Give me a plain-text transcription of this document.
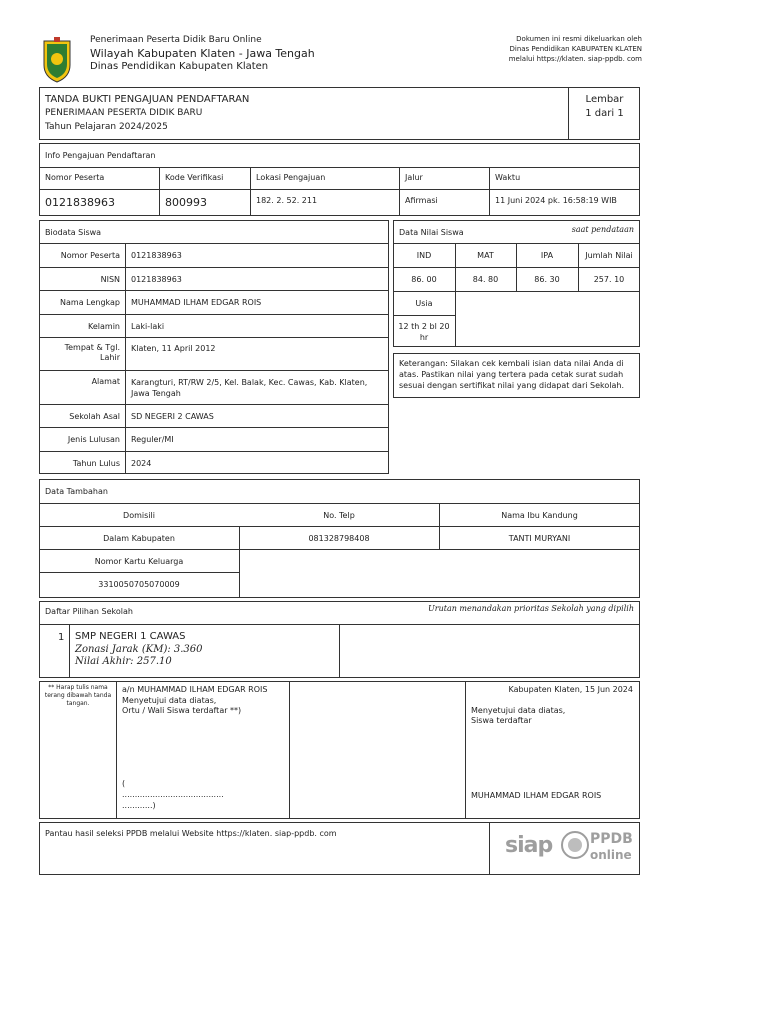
Penerimaan Peserta Didik Baru Online
Wilayah Kabupaten Klaten - Jawa Tengah
Dinas Pendidikan Kabupaten Klaten
Dokumen ini resmi dikeluarkan oleh
Dinas Pendidikan KABUPATEN KLATEN
melalui https://klaten. siap-ppdb. com
TANDA BUKTI PENGAJUAN PENDAFTARAN
PENERIMAAN PESERTA DIDIK BARU
Tahun Pelajaran 2024/2025
Lembar
1 dari 1
Info Pengajuan Pendaftaran
Nomor Peserta	Kode Verifikasi	Lokasi Pengajuan	Jalur	Waktu
0121838963	800993	182. 2. 52. 211	Afirmasi	11 Juni 2024 pk. 16:58:19 WIB
Biodata Siswa
Nomor Peserta 0121838963
NISN 0121838963
Nama Lengkap MUHAMMAD ILHAM EDGAR ROIS
Kelamin Laki-laki
Tempat & Tgl. Lahir
Klaten, 11 April 2012
Alamat Karangturi, RT/RW 2/5, Kel. Balak, Kec. Cawas, Kab. Klaten, Jawa Tengah
Sekolah Asal SD NEGERI 2 CAWAS
Jenis Lulusan Reguler/MI
Tahun Lulus 2024
Data Nilai Siswa	saat pendataan
IND	MAT	IPA	Jumlah Nilai
86. 00	84. 80	86. 30	257. 10
Usia
12 th 2 bl 20 hr
Keterangan: Silakan cek kembali isian data nilai Anda di atas. Pastikan nilai yang tertera pada cetak surat sudah sesuai dengan sertifikat nilai yang didapat dari Sekolah.
Data Tambahan
Domisili	No. Telp	Nama Ibu Kandung
Dalam Kabupaten	081328798408	TANTI MURYANI
Nomor Kartu Keluarga
3310050705070009
Daftar Pilihan Sekolah	Urutan menandakan prioritas Sekolah yang dipilih
1 SMP NEGERI 1 CAWAS
Zonasi Jarak (KM): 3.360
Nilai Akhir: 257.10
** Harap tulis nama terang dibawah tanda tangan.
a/n MUHAMMAD ILHAM EDGAR ROIS
Menyetujui data diatas,
Ortu / Wali Siswa terdaftar **)
(
........................................
............)
Kabupaten Klaten, 15 Jun 2024
Menyetujui data diatas,
Siswa terdaftar
MUHAMMAD ILHAM EDGAR ROIS
Pantau hasil seleksi PPDB melalui Website https://klaten. siap-ppdb. com	siap	PPDB
online
